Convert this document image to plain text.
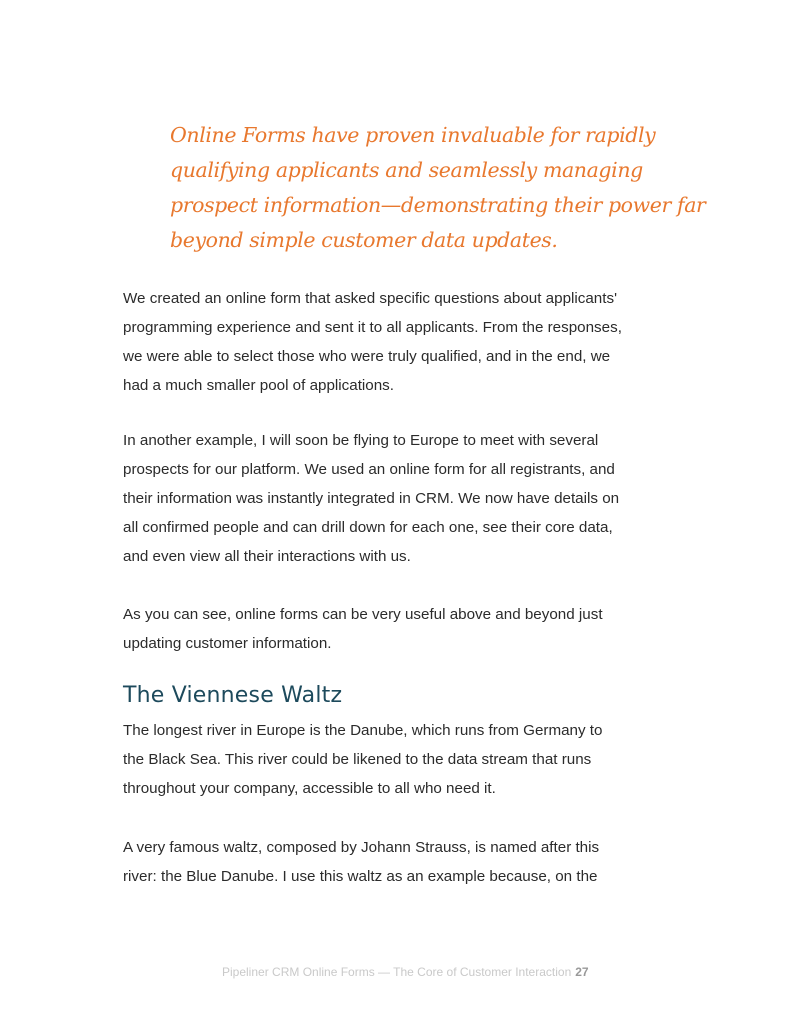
Online Forms have proven invaluable for rapidly
qualifying applicants and seamlessly managing
prospect information—demonstrating their power far
beyond simple customer data updates.
We created an online form that asked specific questions about applicants'
programming experience and sent it to all applicants. From the responses,
we were able to select those who were truly qualified, and in the end, we
had a much smaller pool of applications.
In another example, I will soon be flying to Europe to meet with several
prospects for our platform. We used an online form for all registrants, and
their information was instantly integrated in CRM. We now have details on
all confirmed people and can drill down for each one, see their core data,
and even view all their interactions with us.
As you can see, online forms can be very useful above and beyond just
updating customer information.
The Viennese Waltz
The longest river in Europe is the Danube, which runs from Germany to
the Black Sea. This river could be likened to the data stream that runs
throughout your company, accessible to all who need it.
A very famous waltz, composed by Johann Strauss, is named after this
river: the Blue Danube. I use this waltz as an example because, on the
Pipeliner CRM Online Forms — The Core of Customer Interaction 27
